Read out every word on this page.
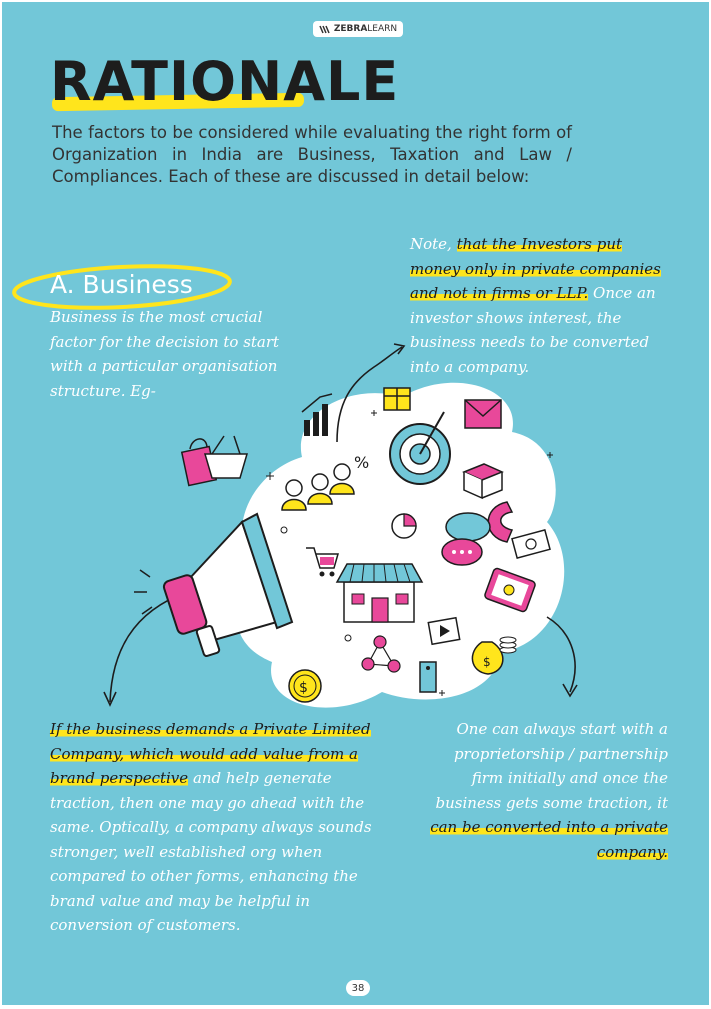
ZEBRALEARN
RATIONALE
The factors to be considered while evaluating the right form of Organization in India are Business, Taxation and Law / Compliances. Each of these are discussed in detail below:
%
$
$
A. Business
Business is the most crucial factor for the decision to start with a particular organisation structure. Eg-
Note, that the Investors put money only in private companies and not in firms or LLP. Once an investor shows interest, the business needs to be converted into a company.
If the business demands a Private Limited Company, which would add value from a brand perspective and help generate traction, then one may go ahead with the same. Optically, a company always sounds stronger, well established org when compared to other forms, enhancing the brand value and may be helpful in conversion of customers.
One can always start with a proprietorship / partnership firm initially and once the business gets some traction, it can be converted into a private company.
38
